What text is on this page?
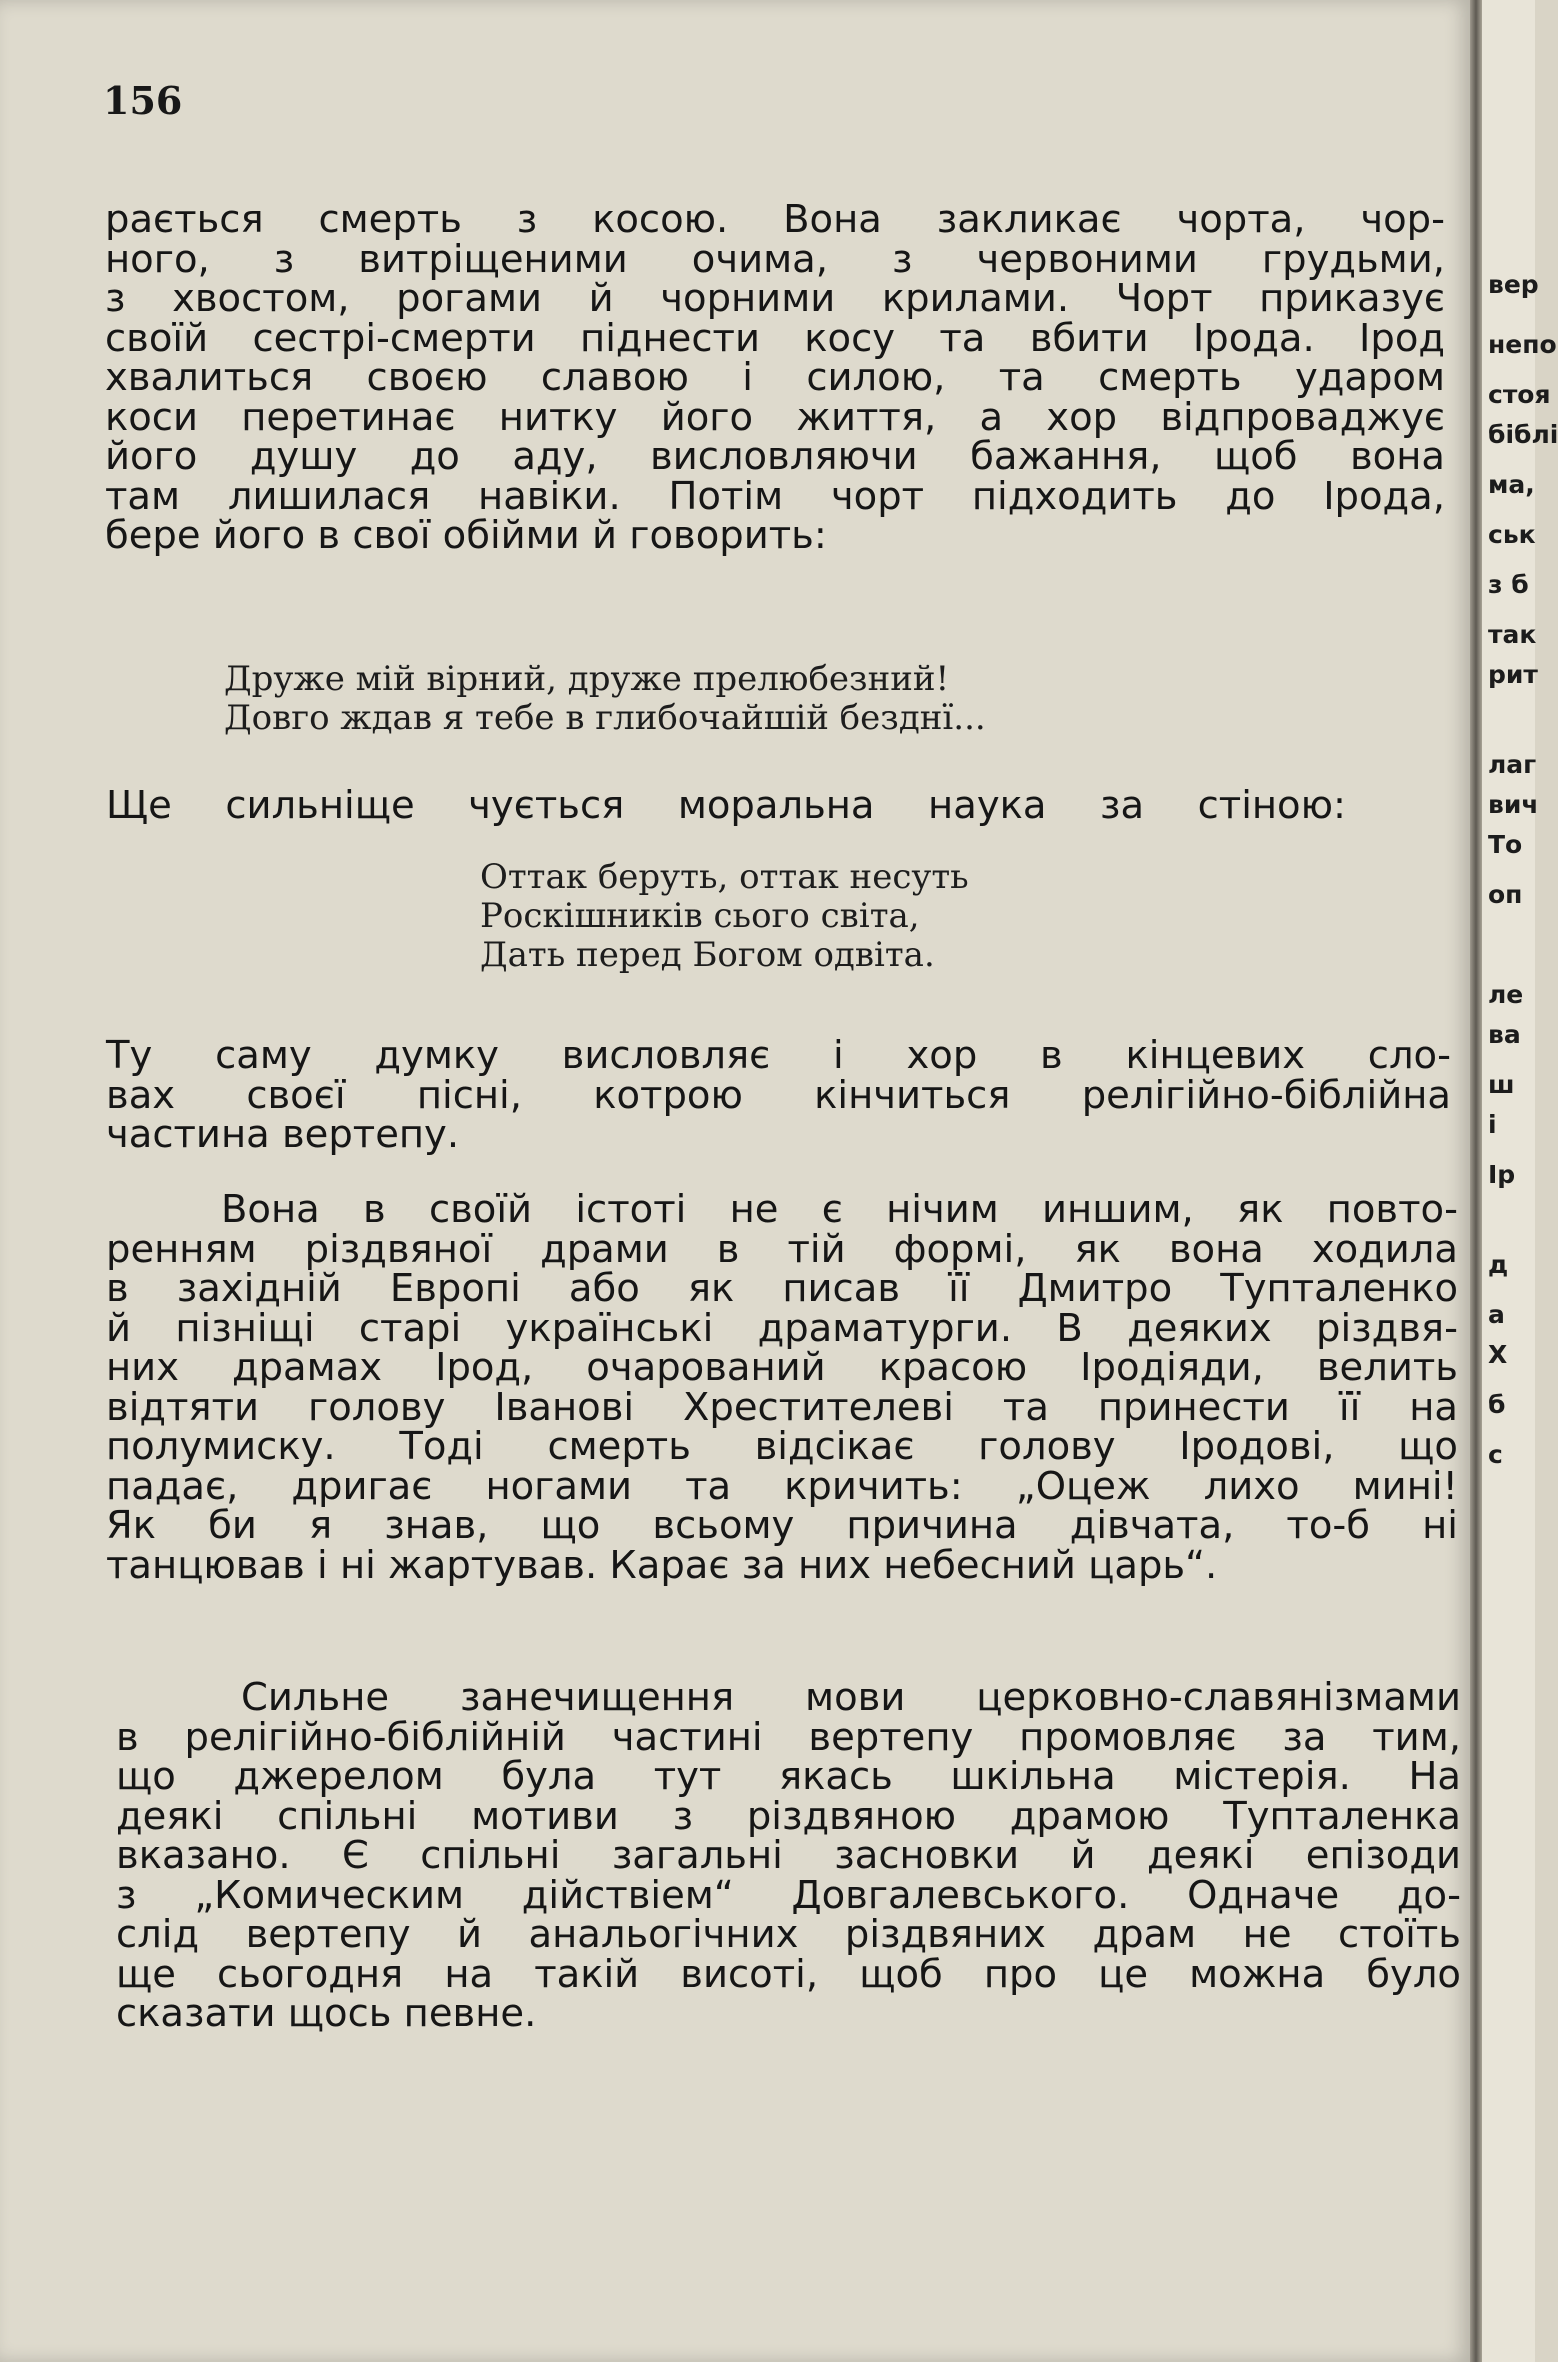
156
рається смерть з косою. Вона закликає чорта, чор-
ного, з витріщеними очима, з червоними грудьми,
з хвостом, рогами й чорними крилами. Чорт приказує
своїй сестрі-смерти піднести косу та вбити Ірода. Ірод
хвалиться своєю славою і силою, та смерть ударом
коси перетинає нитку його життя, а хор відпроваджує
його душу до аду, висловляючи бажання, щоб вона
там лишилася навіки. Потім чорт підходить до Ірода,
бере його в свої обійми й говорить:
Друже мій вірний, друже прелюбезний!
Довго ждав я тебе в глибочайшій безднї...
Ще сильніще чується моральна наука за стіною:
Оттак беруть, оттак несуть
Роскішників сього світа,
Дать перед Богом одвіта.
Ту саму думку висловляє і хор в кінцевих сло-
вах своєї пісні, котрою кінчиться релігійно-біблійна
частина вертепу.
Вона в своїй істоті не є нічим иншим, як повто-
ренням різдвяної драми в тій формі, як вона ходила
в західній Европі або як писав її Дмитро Тупталенко
й пізніщі старі українські драматурги. В деяких різдвя-
них драмах Ірод, очарований красою Іродіяди, велить
відтяти голову Іванові Хрестителеві та принести її на
полумиску. Тоді смерть відсікає голову Іродові, що
падає, дригає ногами та кричить: „Оцеж лихо мині!
Як би я знав, що всьому причина дівчата, то-б ні
танцював і ні жартував. Карає за них небесний царь“.
Сильне занечищення мови церковно-славянізмами
в релігійно-біблійній частині вертепу промовляє за тим,
що джерелом була тут якась шкільна містерія. На
деякі спільні мотиви з різдвяною драмою Тупталенка
вказано. Є спільні загальні засновки й деякі епізоди
з „Комическим дійствіем“ Довгалевського. Одначе до-
слід вертепу й анальогічних різдвяних драм не стоїть
ще сьогодня на такій висоті, щоб про це можна було
сказати щось певне.
вер
непо
стоя
біблі
ма,
ськ
з б
так
рит
лаг
вич
То
оп
ле
ва
ш
і
Ір
д
а
Х
б
с
